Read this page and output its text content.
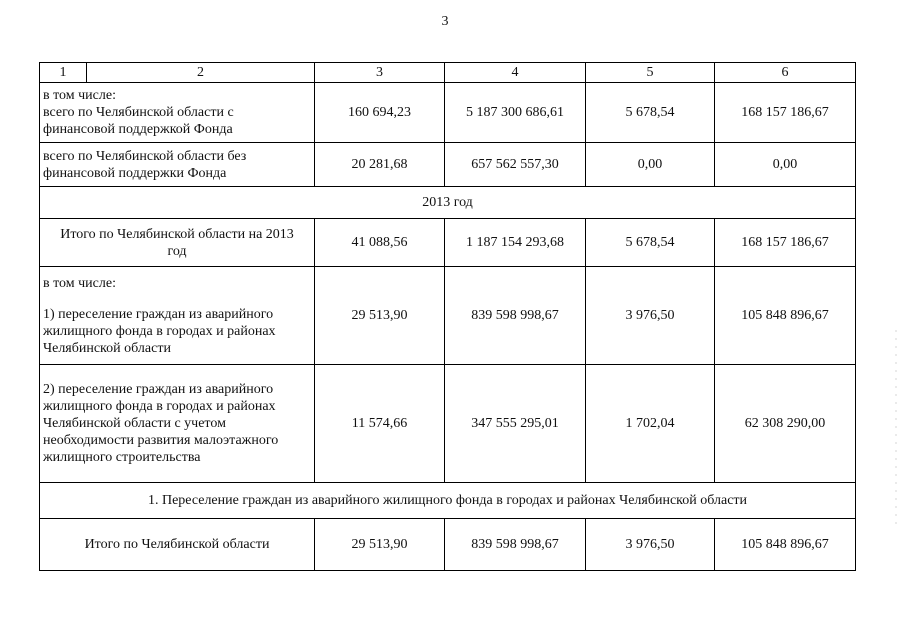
3
1	2	3	4	5	6

в том числе:
всего по Челябинской области с
финансовой поддержкой Фонда		160 694,23	5 187 300 686,61	5 678,54	168 157 186,67

всего по Челябинской области без
финансовой поддержки Фонда		20 281,68	657 562 557,30	0,00	0,00
2013 год					

Итого по Челябинской области на 2013
год		41 088,56	1 187 154 293,68	5 678,54	168 157 186,67

в том числе:
1) переселение граждан из аварийного
жилищного фонда в городах и районах
Челябинской области		29 513,90	839 598 998,67	3 976,50	105 848 896,67

2) переселение граждан из аварийного
жилищного фонда в городах и районах
Челябинской области с учетом
необходимости развития малоэтажного
жилищного строительства		11 574,66	347 555 295,01	1 702,04	62 308 290,00
1. Переселение граждан из аварийного жилищного фонда в городах и районах Челябинской области					
Итого по Челябинской области		29 513,90	839 598 998,67	3 976,50	105 848 896,67
